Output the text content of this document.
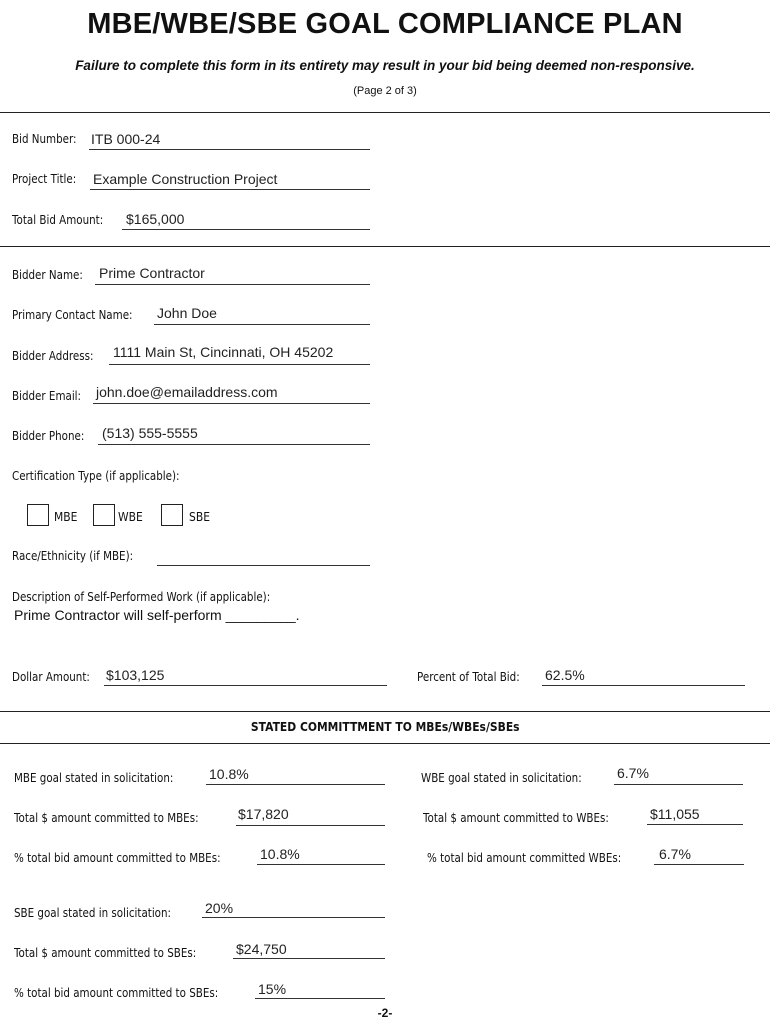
MBE/WBE/SBE GOAL COMPLIANCE PLAN
Failure to complete this form in its entirety may result in your bid being deemed non-responsive.
(Page 2 of 3)
Bid Number: ITB 000-24
Project Title: Example Construction Project
Total Bid Amount: $165,000
Bidder Name: Prime Contractor
Primary Contact Name: John Doe
Bidder Address: 1111 Main St, Cincinnati, OH 45202
Bidder Email: john.doe@emailaddress.com
Bidder Phone: (513) 555-5555
Certification Type (if applicable):
MBE	WBE	SBE
Race/Ethnicity (if MBE):
Description of Self-Performed Work (if applicable):
Prime Contractor will self-perform _________.
Dollar Amount: $103,125	Percent of Total Bid: 62.5%
STATED COMMITTMENT TO MBEs/WBEs/SBEs
MBE goal stated in solicitation:	10.8%
Total $ amount committed to MBEs:	$17,820
% total bid amount committed to MBEs:	10.8%
WBE goal stated in solicitation:	6.7%
Total $ amount committed to WBEs:	$11,055
% total bid amount committed WBEs:	6.7%
SBE goal stated in solicitation: 20%
Total $ amount committed to SBEs:	$24,750
% total bid amount committed to SBEs:	15%
-2-
